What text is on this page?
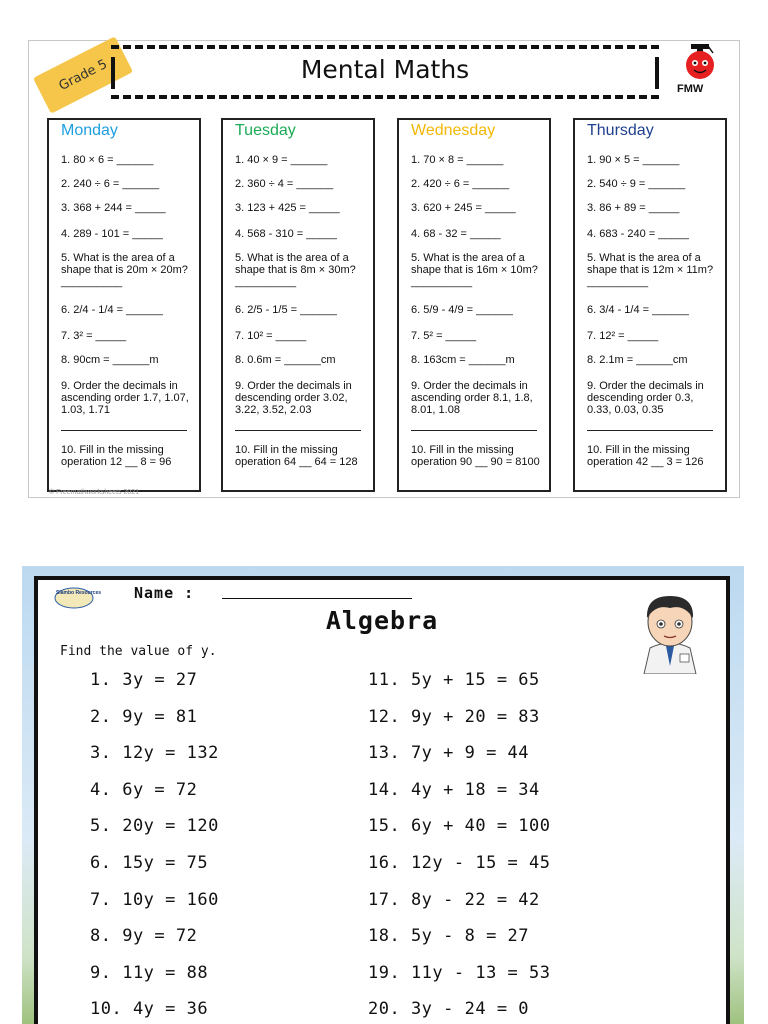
Grade 5	Mental Maths
FMW
Monday
1. 80 × 6 = ______
2. 240 ÷ 6 = ______
3. 368 + 244 = _____
4. 289 - 101 = _____
5. What is the area of a shape that is 20m × 20m? __________
6. 2/4 - 1/4 = ______
7. 3² = _____
8. 90cm = ______m
9. Order the decimals in ascending order 1.7, 1.07, 1.03, 1.71
10. Fill in the missing operation 12 __ 8 = 96
Tuesday
1. 40 × 9 = ______
2. 360 ÷ 4 = ______
3. 123 + 425 = _____
4. 568 - 310 = _____
5. What is the area of a shape that is 8m × 30m? __________
6. 2/5 - 1/5 = ______
7. 10² = _____
8. 0.6m = ______cm
9. Order the decimals in descending order 3.02, 3.22, 3.52, 2.03
10. Fill in the missing operation 64 __ 64 = 128
Wednesday
1. 70 × 8 = ______
2. 420 ÷ 6 = ______
3. 620 + 245 = _____
4. 68 - 32 = _____
5. What is the area of a shape that is 16m × 10m? __________
6. 5/9 - 4/9 = ______
7. 5² = _____
8. 163cm = ______m
9. Order the decimals in ascending order 8.1, 1.8, 8.01, 1.08
10. Fill in the missing operation 90 __ 90 = 8100
Thursday
1. 90 × 5 = ______
2. 540 ÷ 9 = ______
3. 86 + 89 = _____
4. 683 - 240 = _____
5. What is the area of a shape that is 12m × 11m? __________
6. 3/4 - 1/4 = ______
7. 12² = _____
8. 2.1m = ______cm
9. Order the decimals in descending order 0.3, 0.33, 0.03, 0.35
10. Fill in the missing operation 42 __ 3 = 126
© Freemathworksheets 2021
Slambo Resources Name :
Algebra
Find the value of y.
1. 3y = 27
2. 9y = 81
3. 12y = 132
4. 6y = 72
5. 20y = 120
6. 15y = 75
7. 10y = 160
8. 9y = 72
9. 11y = 88
10. 4y = 36
11. 5y + 15 = 65
12. 9y + 20 = 83
13. 7y + 9 = 44
14. 4y + 18 = 34
15. 6y + 40 = 100
16. 12y - 15 = 45
17. 8y - 22 = 42
18. 5y - 8 = 27
19. 11y - 13 = 53
20. 3y - 24 = 0
